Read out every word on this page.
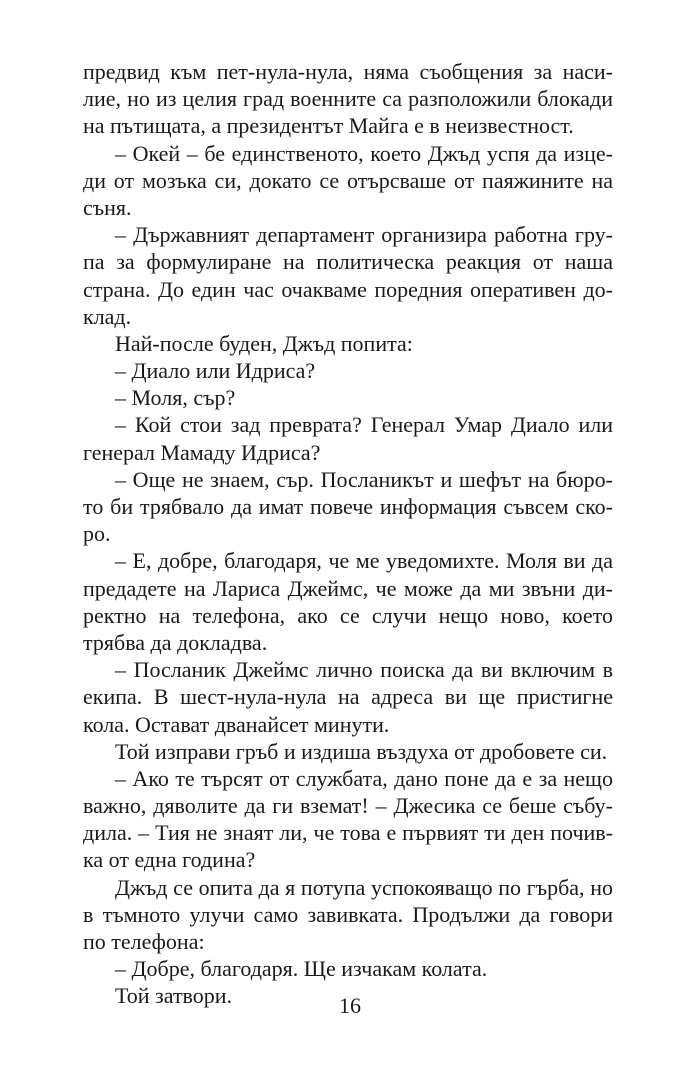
предвид към пет-нула-нула, няма съобщения за наси-
лие, но из целия град военните са разположили блокади
на пътищата, а президентът Майга е в неизвестност.
– Окей – бе единственото, което Джъд успя да изце-
ди от мозъка си, докато се отърсваше от паяжините на
съня.
– Държавният департамент организира работна гру-
па за формулиране на политическа реакция от наша
страна. До един час очакваме поредния оперативен до-
клад.
Най-после буден, Джъд попита:
– Диало или Идриса?
– Моля, сър?
– Кой стои зад преврата? Генерал Умар Диало или
генерал Мамаду Идриса?
– Още не знаем, сър. Посланикът и шефът на бюро-
то би трябвало да имат повече информация съвсем ско-
ро.
– Е, добре, благодаря, че ме уведомихте. Моля ви да
предадете на Лариса Джеймс, че може да ми звъни ди-
ректно на телефона, ако се случи нещо ново, което
трябва да докладва.
– Посланик Джеймс лично поиска да ви включим в
екипа. В шест-нула-нула на адреса ви ще пристигне
кола. Остават дванайсет минути.
Той изправи гръб и издиша въздуха от дробовете си.
– Ако те търсят от службата, дано поне да е за нещо
важно, дяволите да ги вземат! – Джесика се беше събу-
дила. – Тия не знаят ли, че това е първият ти ден почив-
ка от една година?
Джъд се опита да я потупа успокояващо по гърба, но
в тъмното улучи само завивката. Продължи да говори
по телефона:
– Добре, благодаря. Ще изчакам колата.
Той затвори.	16
